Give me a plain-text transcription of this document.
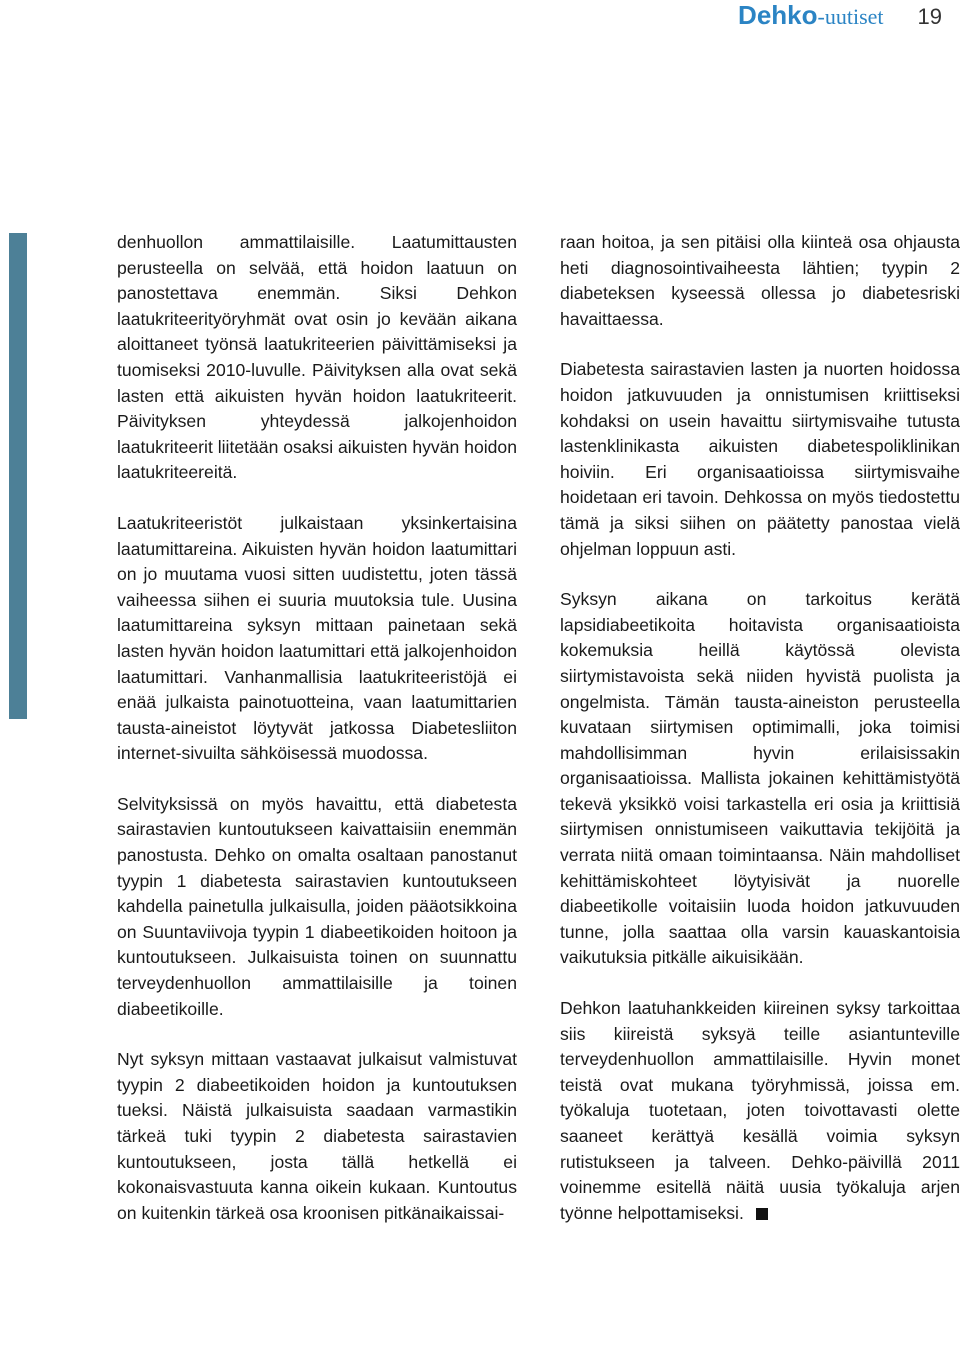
Dehko-uutiset 19

denhuollon ammattilaisille. Laatumittausten perusteella on selvää, että hoidon laatuun on panostettava enemmän. Siksi Dehkon laatukriteerityöryhmät ovat osin jo kevään aikana aloittaneet työnsä laatukriteerien päivittämiseksi ja tuomiseksi 2010-luvulle. Päivityksen alla ovat sekä lasten että aikuisten hyvän hoidon laatukriteerit. Päivityksen yhteydessä jalkojenhoidon laatukriteerit liitetään osaksi aikuisten hyvän hoidon laatukriteereitä.

Laatukriteeristöt julkaistaan yksinkertaisina laatumittareina. Aikuisten hyvän hoidon laatumittari on jo muutama vuosi sitten uudistettu, joten tässä vaiheessa siihen ei suuria muutoksia tule. Uusina laatumittareina syksyn mittaan painetaan sekä lasten hyvän hoidon laatumittari että jalkojenhoidon laatumittari. Vanhanmallisia laatukriteeristöjä ei enää julkaista painotuotteina, vaan laatumittarien tausta-aineistot löytyvät jatkossa Diabetesliiton internet-sivuilta sähköisessä muodossa.

Selvityksissä on myös havaittu, että diabetesta sairastavien kuntoutukseen kaivattaisiin enemmän panostusta. Dehko on omalta osaltaan panostanut tyypin 1 diabetesta sairastavien kuntoutukseen kahdella painetulla julkaisulla, joiden pääotsikkoina on Suuntaviivoja tyypin 1 diabeetikoiden hoitoon ja kuntoutukseen. Julkaisuista toinen on suunnattu terveydenhuollon ammattilaisille ja toinen diabeetikoille.

Nyt syksyn mittaan vastaavat julkaisut valmistuvat tyypin 2 diabeetikoiden hoidon ja kuntoutuksen tueksi. Näistä julkaisuista saadaan varmastikin tärkeä tuki tyypin 2 diabetesta sairastavien kuntoutukseen, josta tällä hetkellä ei kokonaisvastuuta kanna oikein kukaan. Kuntoutus on kuitenkin tärkeä osa kroonisen pitkänaikaissai-

raan hoitoa, ja sen pitäisi olla kiinteä osa ohjausta heti diagnosointivaiheesta lähtien; tyypin 2 diabeteksen kyseessä ollessa jo diabetesriski havaittaessa.

Diabetesta sairastavien lasten ja nuorten hoidossa hoidon jatkuvuuden ja onnistumisen kriittiseksi kohdaksi on usein havaittu siirtymisvaihe tutusta lastenklinikasta aikuisten diabetespoliklinikan hoiviin. Eri organisaatioissa siirtymisvaihe hoidetaan eri tavoin. Dehkossa on myös tiedostettu tämä ja siksi siihen on päätetty panostaa vielä ohjelman loppuun asti.

Syksyn aikana on tarkoitus kerätä lapsidiabeetikoita hoitavista organisaatioista kokemuksia heillä käytössä olevista siirtymistavoista sekä niiden hyvistä puolista ja ongelmista. Tämän tausta-aineiston perusteella kuvataan siirtymisen optimimalli, joka toimisi mahdollisimman hyvin erilaisissakin organisaatioissa. Mallista jokainen kehittämistyötä tekevä yksikkö voisi tarkastella eri osia ja kriittisiä siirtymisen onnistumiseen vaikuttavia tekijöitä ja verrata niitä omaan toimintaansa. Näin mahdolliset kehittämiskohteet löytyisivät ja nuorelle diabeetikolle voitaisiin luoda hoidon jatkuvuuden tunne, jolla saattaa olla varsin kauaskantoisia vaikutuksia pitkälle aikuisikään.

Dehkon laatuhankkeiden kiireinen syksy tarkoittaa siis kiireistä syksyä teille asiantunteville terveydenhuollon ammattilaisille. Hyvin monet teistä ovat mukana työryhmissä, joissa em. työkaluja tuotetaan, joten toivottavasti olette saaneet kerättyä kesällä voimia syksyn rutistukseen ja talveen. Dehko-päivillä 2011 voinemme esitellä näitä uusia työkaluja arjen työnne helpottamiseksi.
